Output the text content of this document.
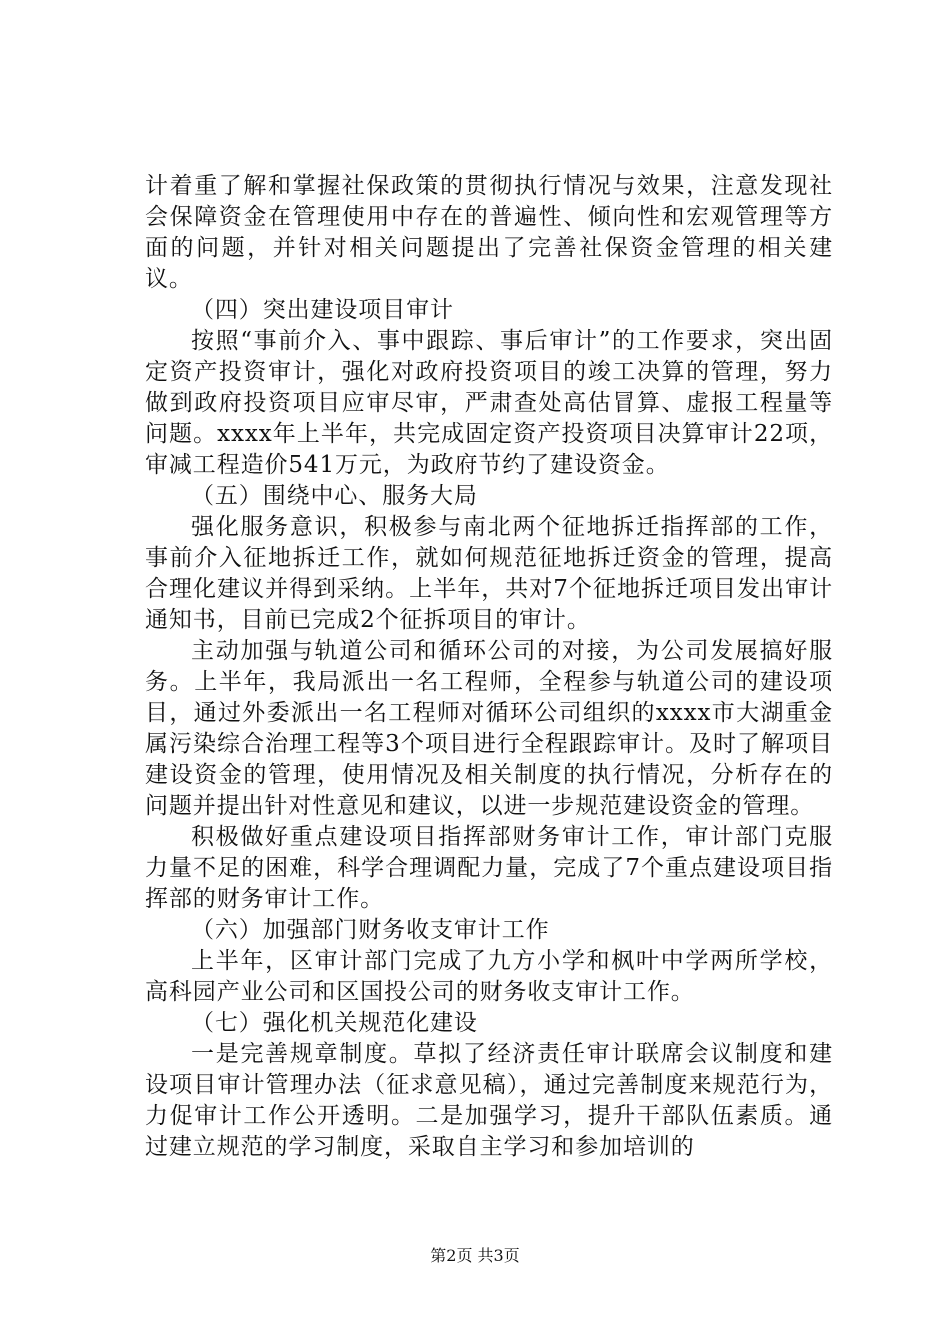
计着重了解和掌握社保政策的贯彻执行情况与效果，注意发现社会保障资金在管理使用中存在的普遍性、倾向性和宏观管理等方面的问题，并针对相关问题提出了完善社保资金管理的相关建议。

（四）突出建设项目审计

按照“事前介入、事中跟踪、事后审计”的工作要求，突出固定资产投资审计，强化对政府投资项目的竣工决算的管理，努力做到政府投资项目应审尽审，严肃查处高估冒算、虚报工程量等问题。xxxx年上半年，共完成固定资产投资项目决算审计22项，审减工程造价541万元，为政府节约了建设资金。

（五）围绕中心、服务大局

强化服务意识，积极参与南北两个征地拆迁指挥部的工作，事前介入征地拆迁工作，就如何规范征地拆迁资金的管理，提高合理化建议并得到采纳。上半年，共对7个征地拆迁项目发出审计通知书，目前已完成2个征拆项目的审计。

主动加强与轨道公司和循环公司的对接，为公司发展搞好服务。上半年，我局派出一名工程师，全程参与轨道公司的建设项目，通过外委派出一名工程师对循环公司组织的xxxx市大湖重金属污染综合治理工程等3个项目进行全程跟踪审计。及时了解项目建设资金的管理，使用情况及相关制度的执行情况，分析存在的问题并提出针对性意见和建议，以进一步规范建设资金的管理。

积极做好重点建设项目指挥部财务审计工作，审计部门克服力量不足的困难，科学合理调配力量，完成了7个重点建设项目指挥部的财务审计工作。

（六）加强部门财务收支审计工作

上半年，区审计部门完成了九方小学和枫叶中学两所学校，高科园产业公司和区国投公司的财务收支审计工作。

（七）强化机关规范化建设

一是完善规章制度。草拟了经济责任审计联席会议制度和建设项目审计管理办法（征求意见稿），通过完善制度来规范行为，力促审计工作公开透明。二是加强学习，提升干部队伍素质。通过建立规范的学习制度，采取自主学习和参加培训的

第2页 共3页
